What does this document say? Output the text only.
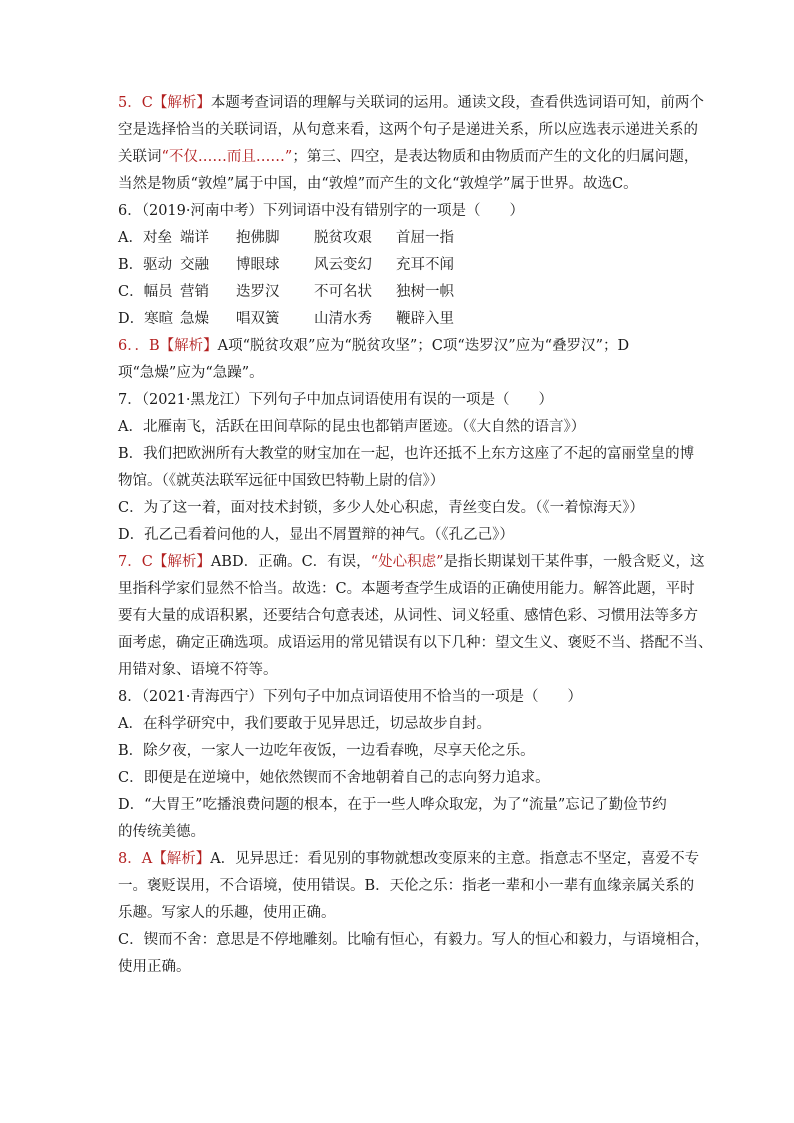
5．C【解析】本题考查词语的理解与关联词的运用。通读文段，查看供选词语可知，前两个
空是选择恰当的关联词语，从句意来看，这两个句子是递进关系，所以应选表示递进关系的
关联词“不仅……而且……”；第三、四空，是表达物质和由物质而产生的文化的归属问题，
当然是物质“敦煌”属于中国，由“敦煌”而产生的文化“敦煌学”属于世界。故选C。
6．（2019·河南中考）下列词语中没有错别字的一项是（　　）
A．对垒 端详 抱佛脚 脱贫攻艰 首屈一指
B．驱动 交融 博眼球 风云变幻 充耳不闻
C．幅员 营销 迭罗汉 不可名状 独树一帜
D．寒暄 急燥 唱双簧 山清水秀 鞭辟入里
6．．B【解析】A项“脱贫攻艰”应为“脱贫攻坚”；C项“迭罗汉”应为“叠罗汉”；D
项“急燥”应为“急躁”。
7．（2021·黑龙江）下列句子中加点词语使用有误的一项是（　　）
A．北雁南飞，活跃在田间草际的昆虫也都销声匿迹。（《大自然的语言》）
B．我们把欧洲所有大教堂的财宝加在一起，也许还抵不上东方这座了不起的富丽堂皇的博
物馆。（《就英法联军远征中国致巴特勒上尉的信》）
C．为了这一着，面对技术封锁，多少人处心积虑，青丝变白发。（《一着惊海天》）
D．孔乙己看着问他的人，显出不屑置辩的神气。（《孔乙己》）
7．C【解析】ABD．正确。C．有误，“处心积虑”是指长期谋划干某件事，一般含贬义，这
里指科学家们显然不恰当。故选：C。本题考查学生成语的正确使用能力。解答此题，平时
要有大量的成语积累，还要结合句意表述，从词性、词义轻重、感情色彩、习惯用法等多方
面考虑，确定正确选项。成语运用的常见错误有以下几种：望文生义、褒贬不当、搭配不当、
用错对象、语境不符等。
8．（2021·青海西宁）下列句子中加点词语使用不恰当的一项是（　　）
A．在科学研究中，我们要敢于见异思迁，切忌故步自封。
B．除夕夜，一家人一边吃年夜饭，一边看春晚，尽享天伦之乐。
C．即便是在逆境中，她依然锲而不舍地朝着自己的志向努力追求。
D．“大胃王”吃播浪费问题的根本，在于一些人哗众取宠，为了“流量”忘记了勤俭节约
的传统美德。
8．A【解析】A．见异思迁：看见别的事物就想改变原来的主意。指意志不坚定，喜爱不专
一。褒贬误用，不合语境，使用错误。B．天伦之乐：指老一辈和小一辈有血缘亲属关系的
乐趣。写家人的乐趣，使用正确。
C．锲而不舍：意思是不停地雕刻。比喻有恒心，有毅力。写人的恒心和毅力，与语境相合，
使用正确。
